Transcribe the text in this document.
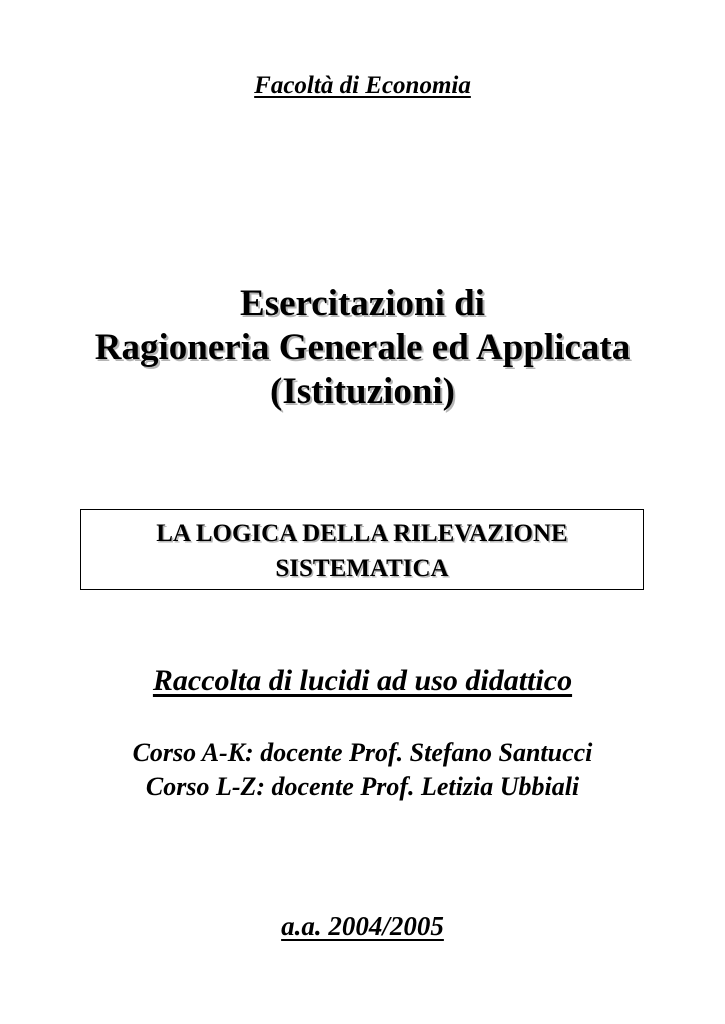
Facoltà di Economia
Esercitazioni di
Ragioneria Generale ed Applicata
(Istituzioni)
LA LOGICA DELLA RILEVAZIONE
SISTEMATICA
Raccolta di lucidi ad uso didattico
Corso A-K: docente Prof. Stefano Santucci
Corso L-Z: docente Prof. Letizia Ubbiali
a.a. 2004/2005
